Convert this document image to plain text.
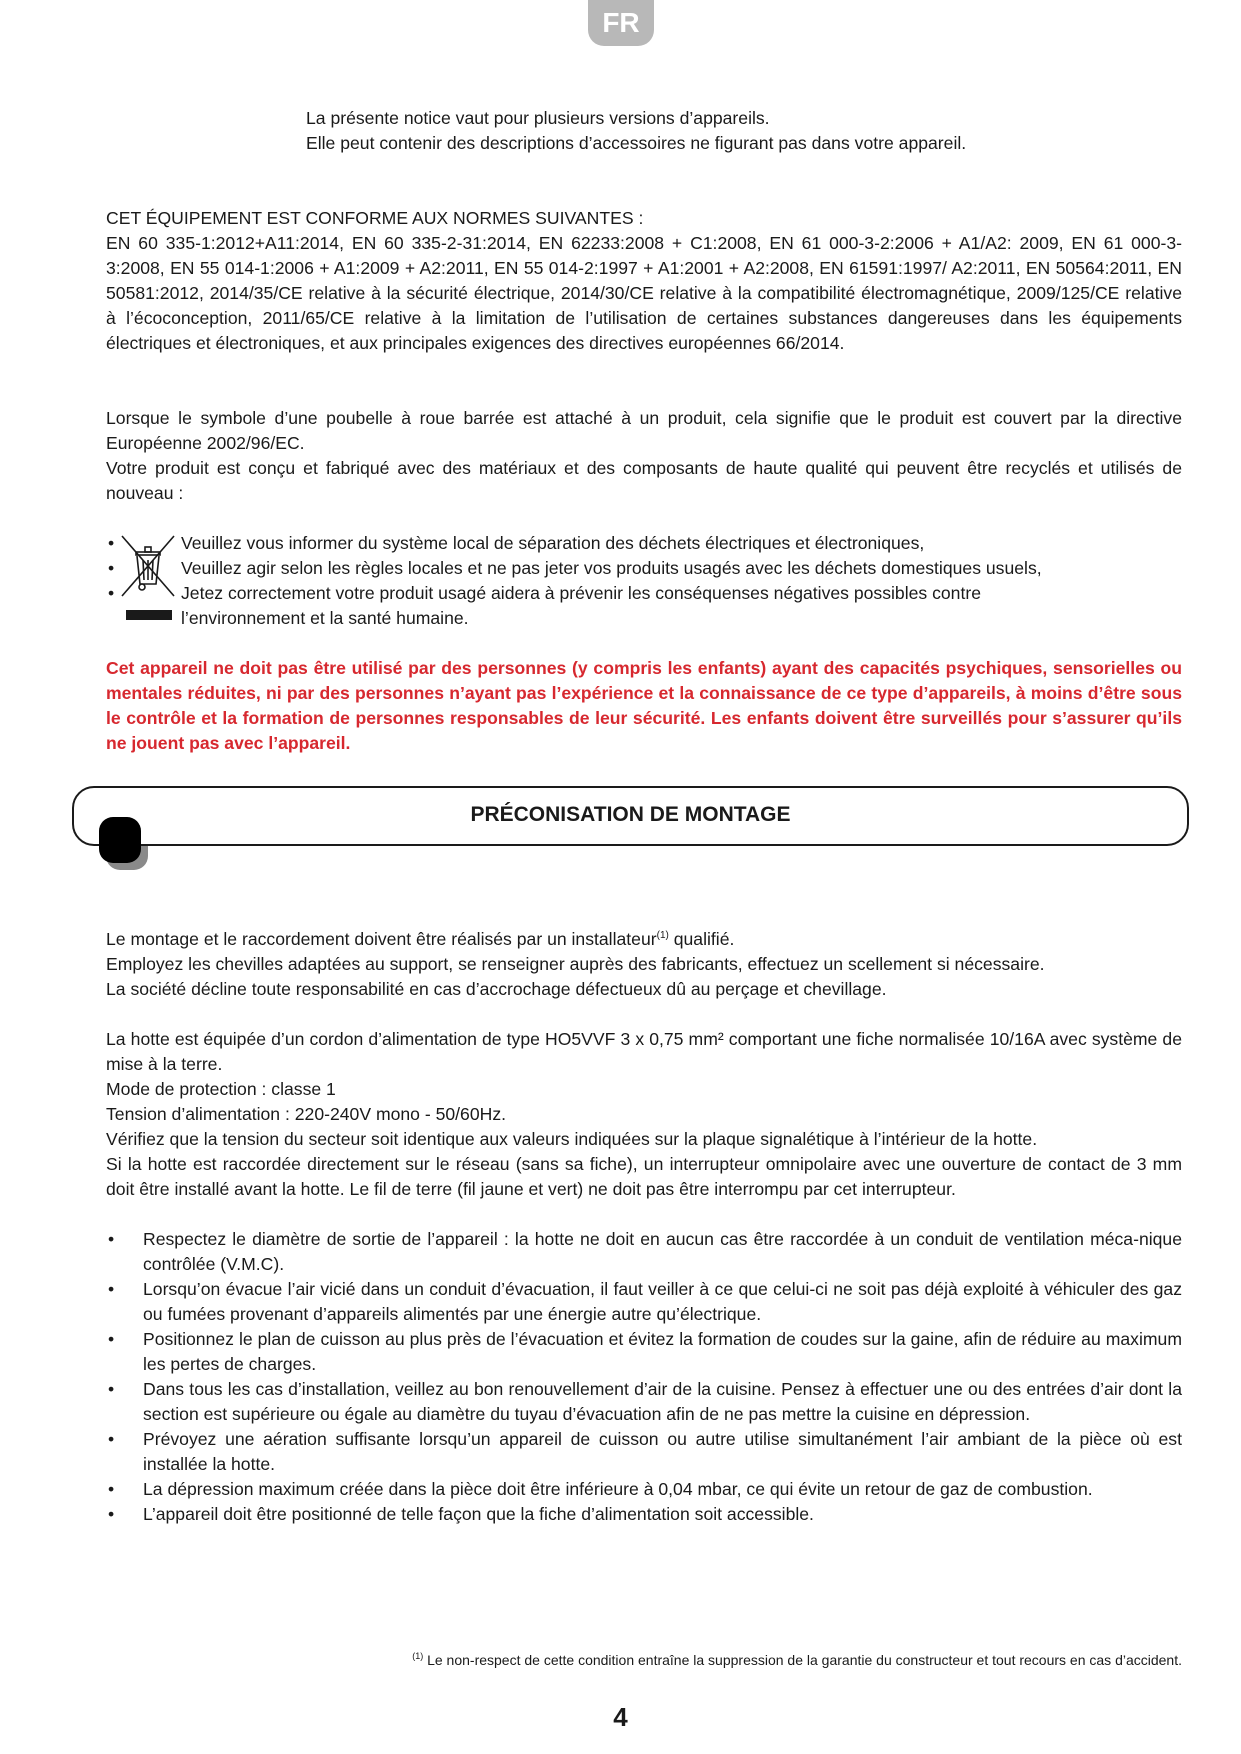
FR

La présente notice vaut pour plusieurs versions d’appareils.

Elle peut contenir des descriptions d’accessoires ne figurant pas dans votre appareil.

CET ÉQUIPEMENT EST CONFORME AUX NORMES SUIVANTES :

EN 60 335-1:2012+A11:2014, EN 60 335-2-31:2014, EN 62233:2008 + C1:2008, EN 61 000-3-2:2006 + A1/A2: 2009, EN 61 000-3-3:2008, EN 55 014-1:2006 + A1:2009 + A2:2011, EN 55 014-2:1997 + A1:2001 + A2:2008, EN 61591:1997/ A2:2011, EN 50564:2011, EN 50581:2012, 2014/35/CE relative à la sécurité électrique, 2014/30/CE relative à la compatibilité électromagnétique, 2009/125/CE relative à l’écoconception, 2011/65/CE relative à la limitation de l’utilisation de certaines substances dangereuses dans les équipements électriques et électroniques, et aux principales exigences des directives européennes 66/2014.

Lorsque le symbole d’une poubelle à roue barrée est attaché à un produit, cela signifie que le produit est couvert par la directive Européenne 2002/96/EC.

Votre produit est conçu et fabriqué avec des matériaux et des composants de haute qualité qui peuvent être recyclés et utilisés de nouveau :

•	Veuillez vous informer du système local de séparation des déchets électriques et électroniques,
•	Veuillez agir selon les règles locales et ne pas jeter vos produits usagés avec les déchets domestiques usuels,
•	Jetez correctement votre produit usagé aidera à prévenir les conséquenses négatives possibles contre
l’environnement et la santé humaine.
Cet appareil ne doit pas être utilisé par des personnes (y compris les enfants) ayant des capacités psychiques, sensorielles ou mentales réduites, ni par des personnes n’ayant pas l’expérience et la connaissance de ce type d’appareils, à moins d’être sous le contrôle et la formation de personnes responsables de leur sécurité. Les enfants doivent être surveillés pour s’assurer qu’ils ne jouent pas avec l’appareil.
PRÉCONISATION DE MONTAGE

Le montage et le raccordement doivent être réalisés par un installateur$^{(1)}$ qualifié.

Employez les chevilles adaptées au support, se renseigner auprès des fabricants, effectuez un scellement si nécessaire.

La société décline toute responsabilité en cas d’accrochage défectueux dû au perçage et chevillage.

La hotte est équipée d’un cordon d’alimentation de type HO5VVF 3 x 0,75 mm² comportant une fiche normalisée 10/16A avec système de mise à la terre.

Mode de protection : classe 1

Tension d’alimentation : 220-240V mono - 50/60Hz.

Vérifiez que la tension du secteur soit identique aux valeurs indiquées sur la plaque signalétique à l’intérieur de la hotte.

Si la hotte est raccordée directement sur le réseau (sans sa fiche), un interrupteur omnipolaire avec une ouverture de contact de 3 mm doit être installé avant la hotte. Le fil de terre (fil jaune et vert) ne doit pas être interrompu par cet interrupteur.

• Respectez le diamètre de sortie de l’appareil : la hotte ne doit en aucun cas être raccordée à un conduit de ventilation méca-nique contrôlée (V.M.C).
• Lorsqu’on évacue l’air vicié dans un conduit d’évacuation, il faut veiller à ce que celui-ci ne soit pas déjà exploité à véhiculer des gaz ou fumées provenant d’appareils alimentés par une énergie autre qu’électrique.
• Positionnez le plan de cuisson au plus près de l’évacuation et évitez la formation de coudes sur la gaine, afin de réduire au maximum les pertes de charges.
• Dans tous les cas d’installation, veillez au bon renouvellement d’air de la cuisine. Pensez à effectuer une ou des entrées d’air dont la section est supérieure ou égale au diamètre du tuyau d’évacuation afin de ne pas mettre la cuisine en dépression.
• Prévoyez une aération suffisante lorsqu’un appareil de cuisson ou autre utilise simultanément l’air ambiant de la pièce où est installée la hotte.
• La dépression maximum créée dans la pièce doit être inférieure à 0,04 mbar, ce qui évite un retour de gaz de combustion.
• L’appareil doit être positionné de telle façon que la fiche d’alimentation soit accessible.
$^{(1)}$ Le non-respect de cette condition entraîne la suppression de la garantie du constructeur et tout recours en cas d’accident.
4
